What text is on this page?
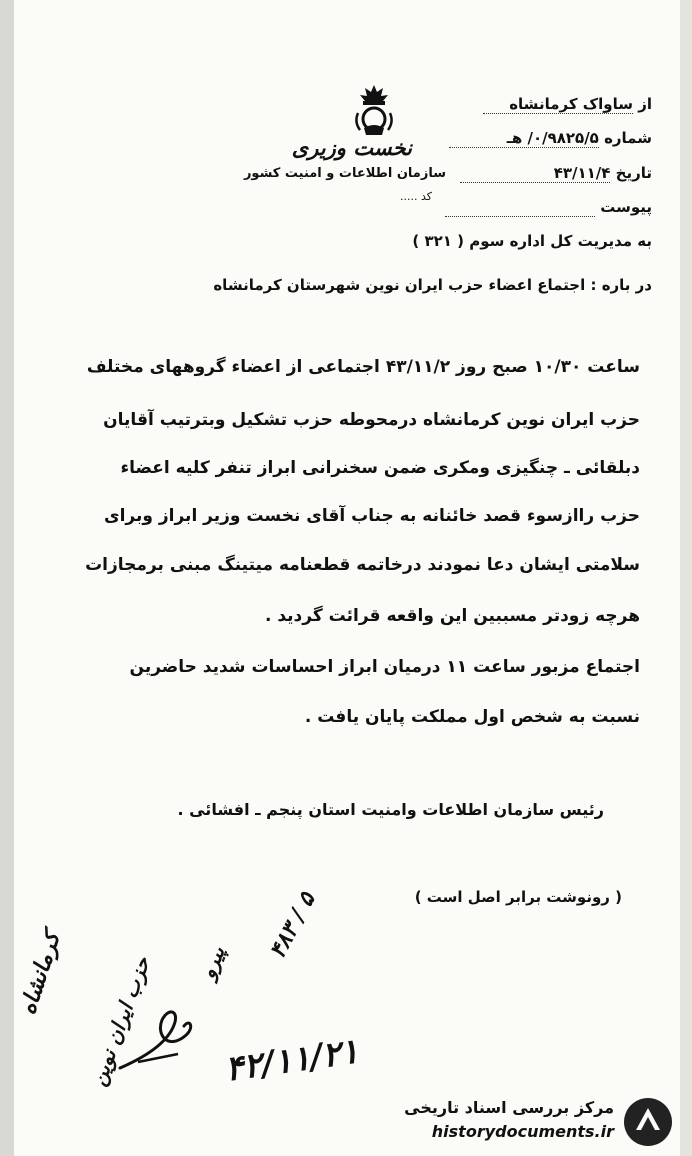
نخست وزیری
سازمان اطلاعات و امنیت کشور
کد .....
از ساواک کرمانشاه
شماره ۰/۹۸۲۵/۵/ هـ
تاریخ ۴۳/۱۱/۴
پیوست
به مدیریت کل اداره سوم ( ۳۲۱ )
در باره : اجتماع اعضاء حزب ایران نوین شهرستان کرمانشاه
ساعت ۱۰/۳۰ صبح روز ۴۳/۱۱/۲ اجتماعی از اعضاء گروههای مختلف
حزب ایران نوین کرمانشاه درمحوطه حزب تشکیل وبترتیب آقایان
دبلقائی ـ چنگیزی ومکری ضمن سخنرانی ابراز تنفر کلیه اعضاء
حزب راازسوء قصد خائنانه به جناب آقای نخست وزیر ابراز وبرای
سلامتی ایشان دعا نمودند درخاتمه قطعنامه میتینگ مبنی برمجازات
هرچه زودتر مسببین این واقعه قرائت گردید .
اجتماع مزبور ساعت ۱۱ درمیان ابراز احساسات شدید حاضرین
نسبت به شخص اول مملکت پایان یافت .
رئیس سازمان اطلاعات وامنیت استان پنجم ـ افشائی .
( رونوشت برابر اصل است )
کرمانشاه حزب ایران نوین پیرو ۴۸۳ / ۵
۴۲/۱۱/۲۱
مرکز بررسی اسناد تاریخی
historydocuments.ir
